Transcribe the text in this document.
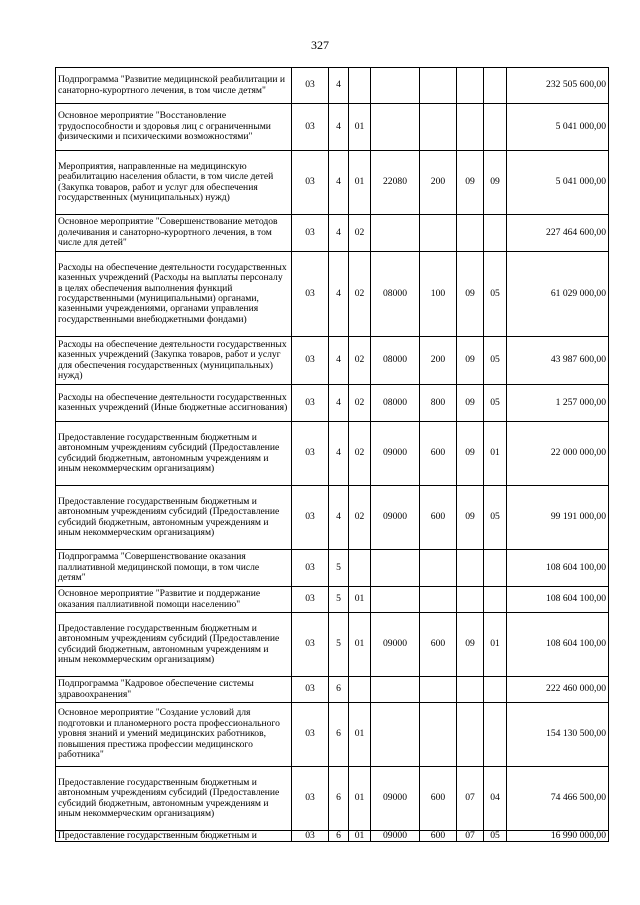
327
Подпрограмма "Развитие медицинской реабилитации и санаторно-курортного лечения, в том числе детям"	03	4						232 505 600,00
Основное мероприятие "Восстановление трудоспособности и здоровья лиц с ограниченными физическими и психическими возможностями"	03	4	01					5 041 000,00
Мероприятия, направленные на медицинскую реабилитацию населения области, в том числе детей (Закупка товаров, работ и услуг для обеспечения государственных (муниципальных) нужд)	03	4	01	22080	200	09	09	5 041 000,00
Основное мероприятие "Совершенствование методов долечивания и санаторно-курортного лечения, в том числе для детей"	03	4	02					227 464 600,00
Расходы на обеспечение деятельности государственных казенных учреждений (Расходы на выплаты персоналу в целях обеспечения выполнения функций государственными (муниципальными) органами, казенными учреждениями, органами управления государственными внебюджетными фондами)	03	4	02	08000	100	09	05	61 029 000,00
Расходы на обеспечение деятельности государственных казенных учреждений (Закупка товаров, работ и услуг для обеспечения государственных (муниципальных) нужд)	03	4	02	08000	200	09	05	43 987 600,00
Расходы на обеспечение деятельности государственных казенных учреждений (Иные бюджетные ассигнования)	03	4	02	08000	800	09	05	1 257 000,00
Предоставление государственным бюджетным и автономным учреждениям субсидий (Предоставление субсидий бюджетным, автономным учреждениям и иным некоммерческим организациям)	03	4	02	09000	600	09	01	22 000 000,00
Предоставление государственным бюджетным и автономным учреждениям субсидий (Предоставление субсидий бюджетным, автономным учреждениям и иным некоммерческим организациям)	03	4	02	09000	600	09	05	99 191 000,00
Подпрограмма "Совершенствование оказания паллиативной медицинской помощи, в том числе детям"	03	5						108 604 100,00
Основное мероприятие "Развитие и поддержание оказания паллиативной помощи населению"	03	5	01					108 604 100,00
Предоставление государственным бюджетным и автономным учреждениям субсидий (Предоставление субсидий бюджетным, автономным учреждениям и иным некоммерческим организациям)	03	5	01	09000	600	09	01	108 604 100,00
Подпрограмма "Кадровое обеспечение системы здравоохранения"	03	6						222 460 000,00
Основное мероприятие "Создание условий для подготовки и планомерного роста профессионального уровня знаний и умений медицинских работников, повышения престижа профессии медицинского работника"	03	6	01					154 130 500,00
Предоставление государственным бюджетным и автономным учреждениям субсидий (Предоставление субсидий бюджетным, автономным учреждениям и иным некоммерческим организациям)	03	6	01	09000	600	07	04	74 466 500,00
Предоставление государственным бюджетным и	03	6	01	09000	600	07	05	16 990 000,00
